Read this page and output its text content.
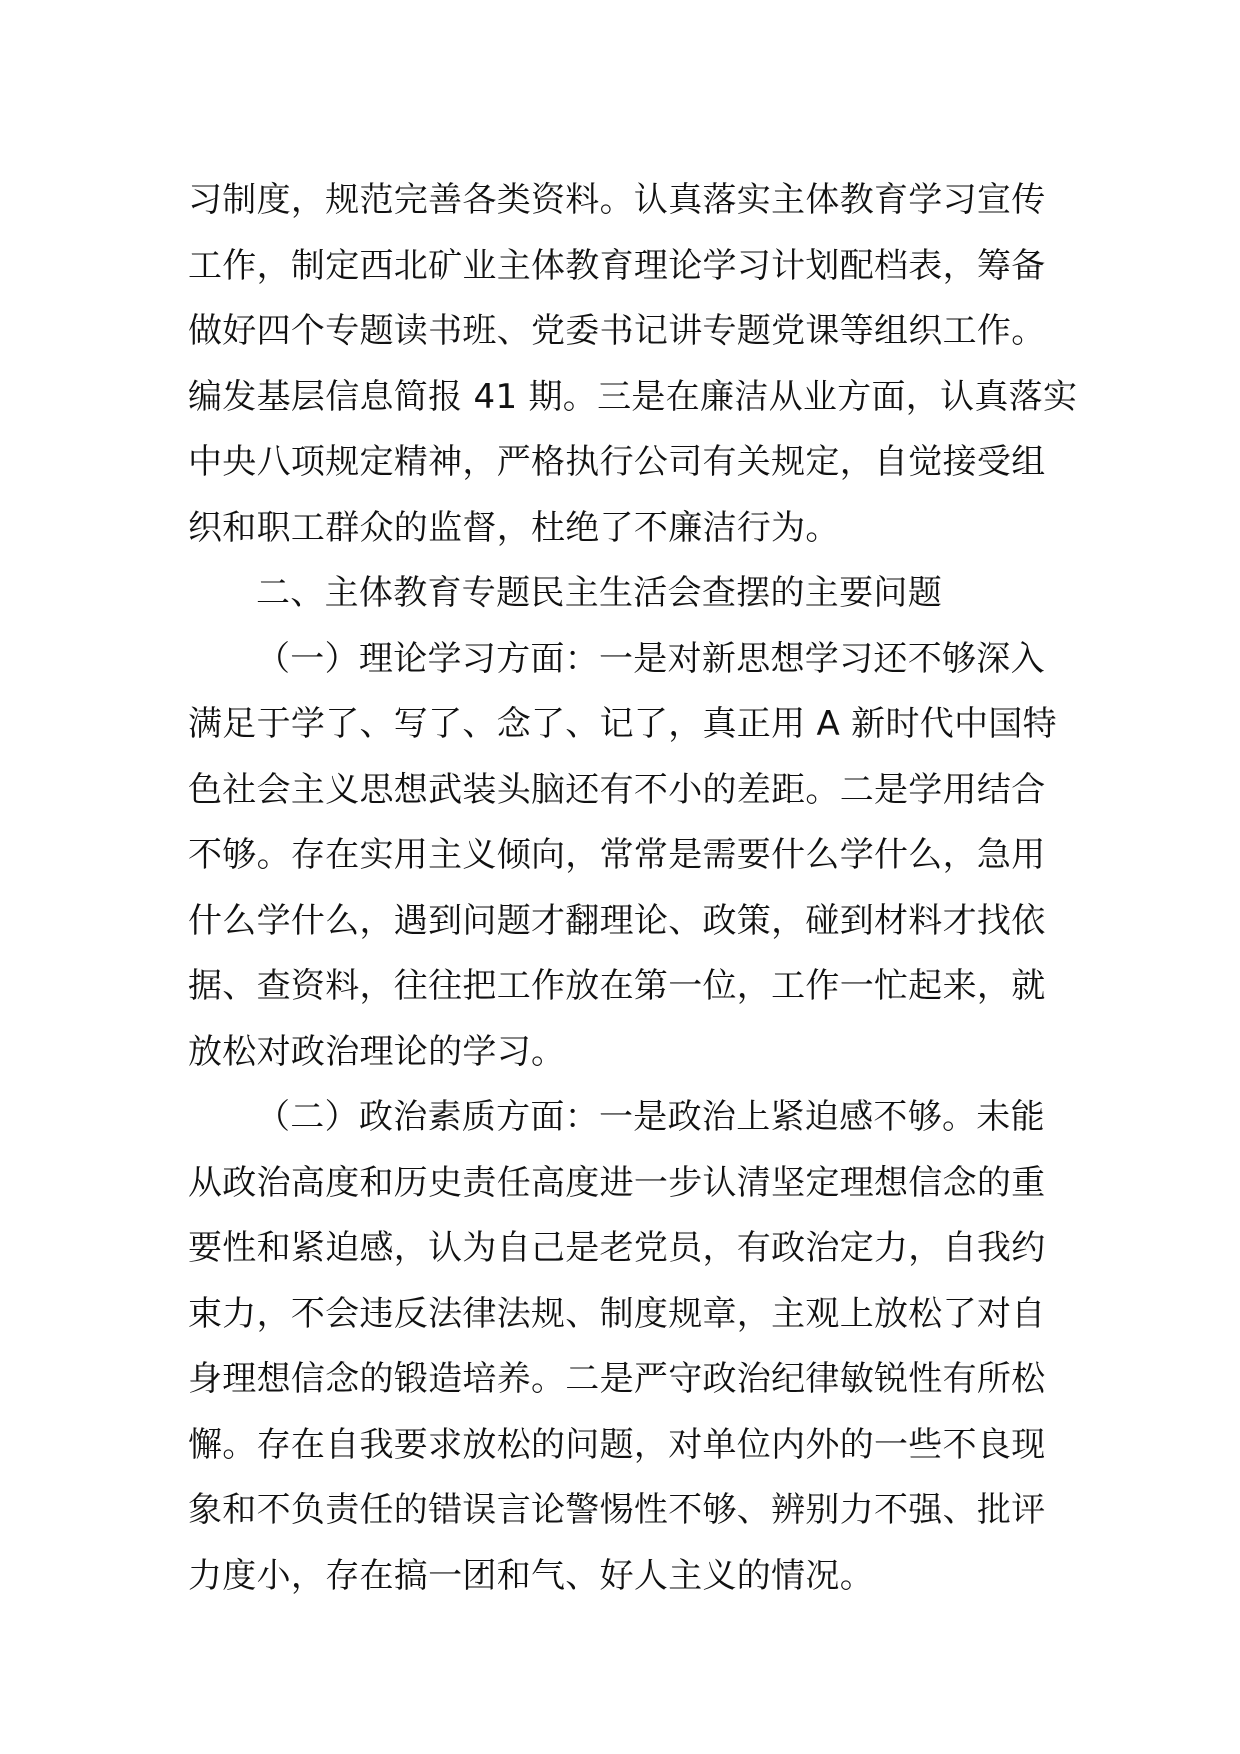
习制度，规范完善各类资料。认真落实主体教育学习宣传
工作，制定西北矿业主体教育理论学习计划配档表，筹备
做好四个专题读书班、党委书记讲专题党课等组织工作。
编发基层信息简报 41 期。三是在廉洁从业方面，认真落实
中央八项规定精神，严格执行公司有关规定，自觉接受组
织和职工群众的监督，杜绝了不廉洁行为。
二、主体教育专题民主生活会查摆的主要问题
（一）理论学习方面：一是对新思想学习还不够深入
满足于学了、写了、念了、记了，真正用 A 新时代中国特
色社会主义思想武装头脑还有不小的差距。二是学用结合
不够。存在实用主义倾向，常常是需要什么学什么，急用
什么学什么，遇到问题才翻理论、政策，碰到材料才找依
据、查资料，往往把工作放在第一位，工作一忙起来，就
放松对政治理论的学习。
（二）政治素质方面：一是政治上紧迫感不够。未能
从政治高度和历史责任高度进一步认清坚定理想信念的重
要性和紧迫感，认为自己是老党员，有政治定力，自我约
束力，不会违反法律法规、制度规章，主观上放松了对自
身理想信念的锻造培养。二是严守政治纪律敏锐性有所松
懈。存在自我要求放松的问题，对单位内外的一些不良现
象和不负责任的错误言论警惕性不够、辨别力不强、批评
力度小，存在搞一团和气、好人主义的情况。
